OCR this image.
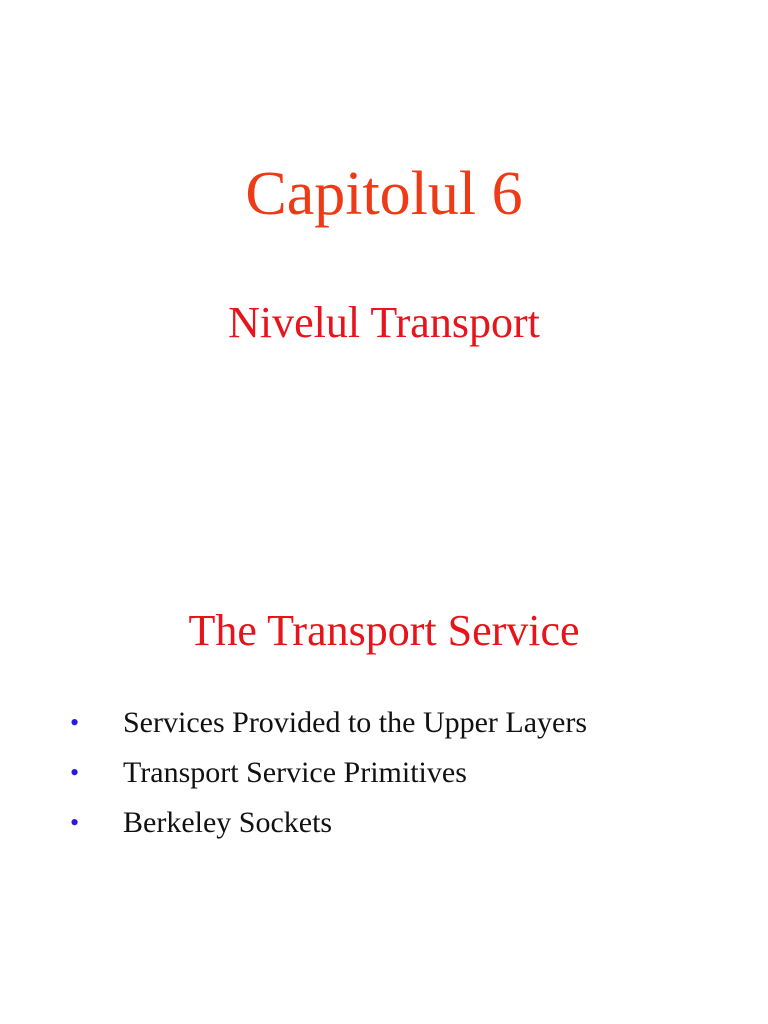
Capitolul 6
Nivelul Transport
The Transport Service
• Services Provided to the Upper Layers
• Transport Service Primitives
• Berkeley Sockets
